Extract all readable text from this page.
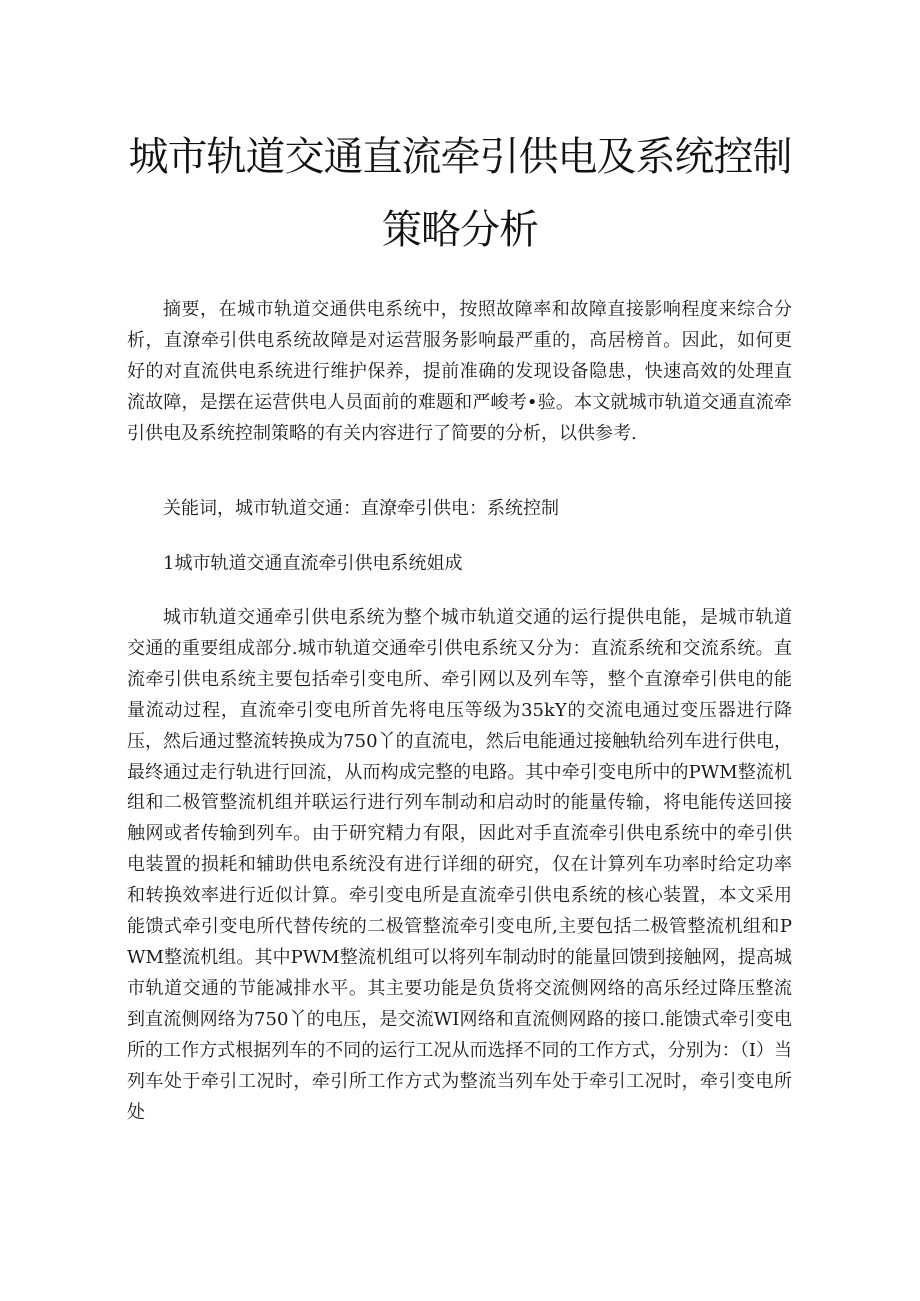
城市轨道交通直流牵引供电及系统控制
策略分析

摘要，在城市轨道交通供电系统中，按照故障率和故障直接影响程度来综合分析，直潦牵引供电系统故障是对运营服务影响最严重的，高居榜首。因此，如何更好的对直流供电系统进行维护保养，提前准确的发现设备隐患，快速高效的处理直流故障，是摆在运营供电人员面前的难题和严峻考•验。本文就城市轨道交通直流牵引供电及系统控制策略的有关内容进行了简要的分析，以供参考.

关能词，城市轨道交通：直潦牵引供电：系统控制

1城市轨道交通直流牵引供电系统姐成

城市轨道交通牵引供电系统为整个城市轨道交通的运行提供电能，是城市轨道交通的重要组成部分.城市轨道交通牵引供电系统又分为：直流系统和交流系统。直流牵引供电系统主要包括牵引变电所、牵引网以及列车等，整个直潦牵引供电的能量流动过程，直流牵引变电所首先将电压等级为35kY的交流电通过变压器进行降压，然后通过整流转换成为750丫的直流电，然后电能通过接触轨给列车进行供电，最终通过走行轨进行回流，从而构成完整的电路。其中牵引变电所中的PWM整流机组和二极管整流机组并联运行进行列车制动和启动时的能量传输，将电能传送回接触网或者传输到列车。由于研究精力有限，因此对手直流牵引供电系统中的牵引供电装置的损耗和辅助供电系统没有进行详细的研究，仅在计算列车功率时给定功率和转换效率进行近似计算。牵引变电所是直流牵引供电系统的核心装置，本文采用能馈式牵引变电所代替传统的二极管整流牵引变电所,主要包括二极管整流机组和PWM整流机组。其中PWM整流机组可以将列车制动时的能量回馈到接触网，提高城市轨道交通的节能减排水平。其主要功能是负货将交流侧网络的高乐经过降压整流到直流侧网络为750丫的电压，是交流WI网络和直流侧网路的接口.能馈式牵引变电所的工作方式根据列车的不同的运行工况从而选择不同的工作方式，分别为：（I）当列车处于牵引工况时，牵引所工作方式为整流当列车处于牵引工况时，牵引变电所处
